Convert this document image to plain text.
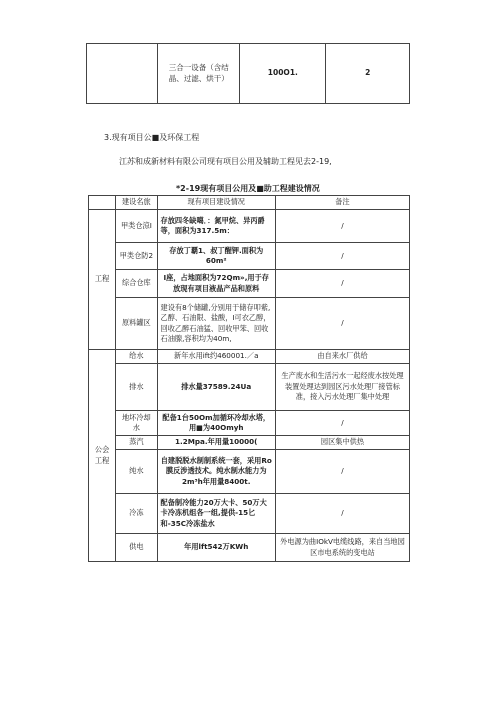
	三合一设备（含结晶、过滤、烘干）	100O1.	2
3.现有项目公■及环保工程
江苏和成新材料有限公司现有项目公用及辅助工程见去2-19,
*2-19现有项目公用及■助工程建设情况
	建设名旅	现有项目建设情况	备注
工程	甲类仓涼I	存放四冬缺噶．：氮甲烷、异丙爵等，面积为317.5m：	/
	甲类仓防2	存放丁覇1、叔丁醒钾.面积为60m²	/
	综合仓库	I座，占地面积为72Qm»,用于存放现有项目液晶产品和原料	/
	原料罐区	建设有8个储罐,分别用于储存叩紫,乙醇、石油限、盐酸，I可衣乙醇，回收乙醉石油猛、回收甲笨、回收石油腺,容积均为40m,	/
公会工程	给水	新年水用ift约460001.／a	由自来水厂供给
	排水	排水量37589.24Ua	生产废水和生活污水一起经废水按处理装置处理达到园区污水处理厂接管标准，接入污水处理厂集中处理
	地坏冷却水	配备1台50Om加循环冷却水塔，用■为40Omyh	/
	蒸汽	1.2Mpa.年用量10000(	园区集中供热
	纯水	自建脱脱水制制系统一套，采用Ro膜反涉透技术。纯水制水能力为2m³h年用量8400t.	/
	冷冻	配备制冷能力20万大卡、50万大卡冷冻机组各一组,提供-15匕和-35C冷冻盐水	/
	供电	年用lft542万KWh	外电源为曲IOkV电缆线路，来自当地园区市电系统的变电站
